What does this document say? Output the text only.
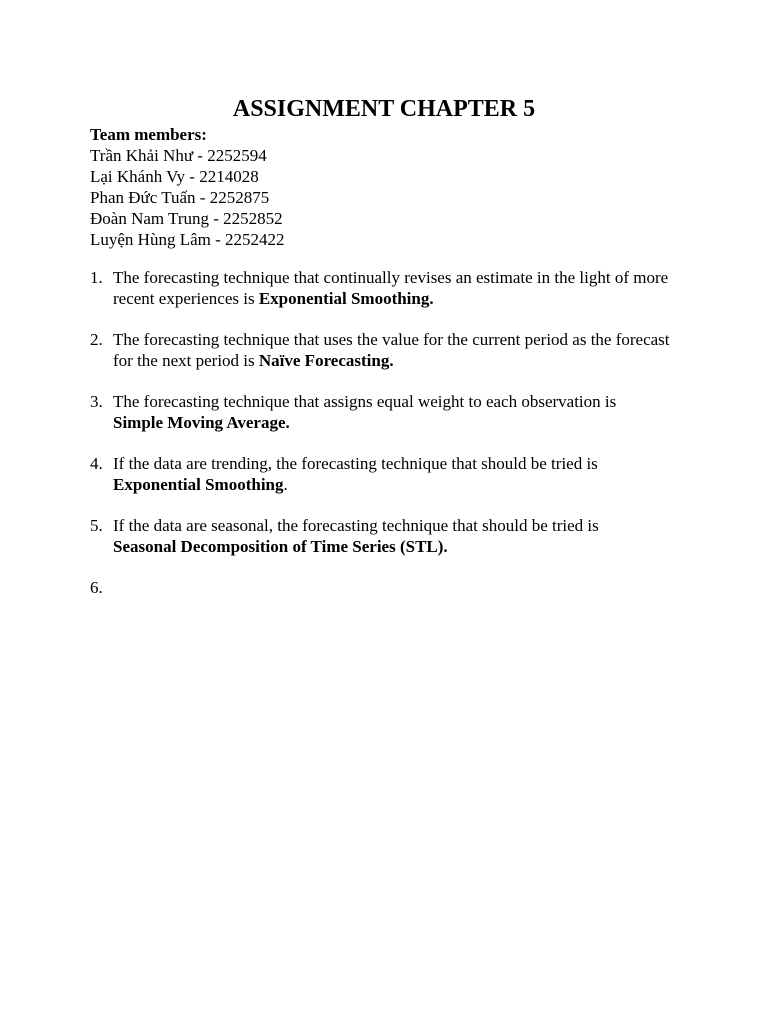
ASSIGNMENT CHAPTER 5
Team members:
Trần Khải Như - 2252594
Lại Khánh Vy - 2214028
Phan Đức Tuấn - 2252875
Đoàn Nam Trung - 2252852
Luyện Hùng Lâm - 2252422
1. The forecasting technique that continually revises an estimate in the light of more recent experiences is Exponential Smoothing.
2. The forecasting technique that uses the value for the current period as the forecast for the next period is Naïve Forecasting.
3. The forecasting technique that assigns equal weight to each observation is
Simple Moving Average.
4. If the data are trending, the forecasting technique that should be tried is
Exponential Smoothing.
5. If the data are seasonal, the forecasting technique that should be tried is
Seasonal Decomposition of Time Series (STL).
6.
